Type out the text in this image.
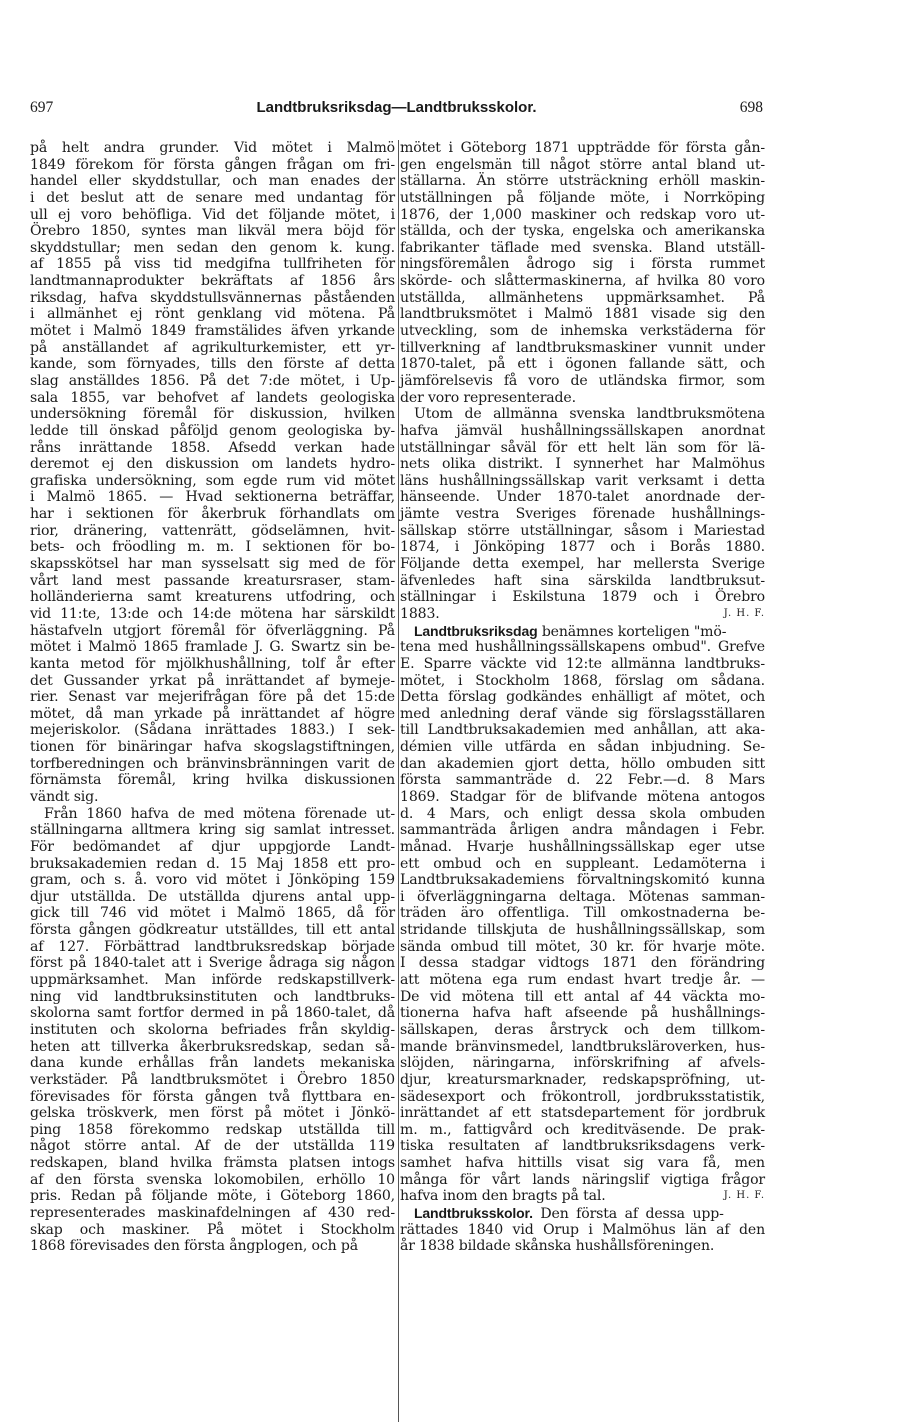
697	Landtbruksriksdag—Landtbruksskolor.	698
på helt andra grunder. Vid mötet i Malmö
1849 förekom för första gången frågan om fri-
handel eller skyddstullar, och man enades der
i det beslut att de senare med undantag för
ull ej voro behöfliga. Vid det följande mötet, i
Örebro 1850, syntes man likväl mera böjd för
skyddstullar; men sedan den genom k. kung.
af 1855 på viss tid medgifna tullfriheten för
landtmannaprodukter bekräftats af 1856 års
riksdag, hafva skyddstullsvännernas påståenden
i allmänhet ej rönt genklang vid mötena. På
mötet i Malmö 1849 framstälides äfven yrkande
på anställandet af agrikulturkemister, ett yr-
kande, som förnyades, tills den förste af detta
slag anställdes 1856. På det 7:de mötet, i Up-
sala 1855, var behofvet af landets geologiska
undersökning föremål för diskussion, hvilken
ledde till önskad påföljd genom geologiska by-
råns inrättande 1858. Afsedd verkan hade
deremot ej den diskussion om landets hydro-
grafiska undersökning, som egde rum vid mötet
i Malmö 1865. — Hvad sektionerna beträffar,
har i sektionen för åkerbruk förhandlats om
rior, dränering, vattenrätt, gödselämnen, hvit-
bets- och fröodling m. m. I sektionen för bo-
skapsskötsel har man sysselsatt sig med de för
vårt land mest passande kreatursraser, stam-
holländerierna samt kreaturens utfodring, och
vid 11:te, 13:de och 14:de mötena har särskildt
hästafveln utgjort föremål för öfverläggning. På
mötet i Malmö 1865 framlade J. G. Swartz sin be-
kanta metod för mjölkhushållning, tolf år efter
det Gussander yrkat på inrättandet af bymeje-
rier. Senast var mejerifrågan före på det 15:de
mötet, då man yrkade på inrättandet af högre
mejeriskolor. (Sådana inrättades 1883.) I sek-
tionen för binäringar hafva skogslagstiftningen,
torfberedningen och bränvinsbränningen varit de
förnämsta föremål, kring hvilka diskussionen
vändt sig.
Från 1860 hafva de med mötena förenade ut-
ställningarna alltmera kring sig samlat intresset.
För bedömandet af djur uppgjorde Landt-
bruksakademien redan d. 15 Maj 1858 ett pro-
gram, och s. å. voro vid mötet i Jönköping 159
djur utställda. De utställda djurens antal upp-
gick till 746 vid mötet i Malmö 1865, då för
första gången gödkreatur utställdes, till ett antal
af 127. Förbättrad landtbruksredskap började
först på 1840-talet att i Sverige ådraga sig någon
uppmärksamhet. Man införde redskapstillverk-
ning vid landtbruksinstituten och landtbruks-
skolorna samt fortfor dermed in på 1860-talet, då
instituten och skolorna befriades från skyldig-
heten att tillverka åkerbruksredskap, sedan så-
dana kunde erhållas från landets mekaniska
verkstäder. På landtbruksmötet i Örebro 1850
förevisades för första gången två flyttbara en-
gelska tröskverk, men först på mötet i Jönkö-
ping 1858 förekommo redskap utställda till
något större antal. Af de der utställda 119
redskapen, bland hvilka främsta platsen intogs
af den första svenska lokomobilen, erhöllo 10
pris. Redan på följande möte, i Göteborg 1860,
representerades maskinafdelningen af 430 red-
skap och maskiner. På mötet i Stockholm
1868 förevisades den första ångplogen, och på
mötet i Göteborg 1871 uppträdde för första gån-
gen engelsmän till något större antal bland ut-
ställarna. Än större utsträckning erhöll maskin-
utställningen på följande möte, i Norrköping
1876, der 1,000 maskiner och redskap voro ut-
ställda, och der tyska, engelska och amerikanska
fabrikanter täflade med svenska. Bland utställ-
ningsföremålen ådrogo sig i första rummet
skörde- och slåttermaskinerna, af hvilka 80 voro
utställda, allmänhetens uppmärksamhet. På
landtbruksmötet i Malmö 1881 visade sig den
utveckling, som de inhemska verkstäderna för
tillverkning af landtbruksmaskiner vunnit under
1870-talet, på ett i ögonen fallande sätt, och
jämförelsevis få voro de utländska firmor, som
der voro representerade.
Utom de allmänna svenska landtbruksmötena
hafva jämväl hushållningssällskapen anordnat
utställningar såväl för ett helt län som för lä-
nets olika distrikt. I synnerhet har Malmöhus
läns hushållningssällskap varit verksamt i detta
hänseende. Under 1870-talet anordnade der-
jämte vestra Sveriges förenade hushållnings-
sällskap större utställningar, såsom i Mariestad
1874, i Jönköping 1877 och i Borås 1880.
Följande detta exempel, har mellersta Sverige
äfvenledes haft sina särskilda landtbruksut-
ställningar i Eskilstuna 1879 och i Örebro
1883.	J. H. F.
Landtbruksriksdag benämnes korteligen "mö-
tena med hushållningssällskapens ombud". Grefve
E. Sparre väckte vid 12:te allmänna landtbruks-
mötet, i Stockholm 1868, förslag om sådana.
Detta förslag godkändes enhälligt af mötet, och
med anledning deraf vände sig förslagsställaren
till Landtbruksakademien med anhållan, att aka-
démien ville utfärda en sådan inbjudning. Se-
dan akademien gjort detta, höllo ombuden sitt
första sammanträde d. 22 Febr.—d. 8 Mars
1869. Stadgar för de blifvande mötena antogos
d. 4 Mars, och enligt dessa skola ombuden
sammanträda årligen andra måndagen i Febr.
månad. Hvarje hushållningssällskap eger utse
ett ombud och en suppleant. Ledamöterna i
Landtbruksakademiens förvaltningskomitó kunna
i öfverläggningarna deltaga. Mötenas samman-
träden äro offentliga. Till omkostnaderna be-
stridande tillskjuta de hushållningssällskap, som
sända ombud till mötet, 30 kr. för hvarje möte.
I dessa stadgar vidtogs 1871 den förändring
att mötena ega rum endast hvart tredje år. —
De vid mötena till ett antal af 44 väckta mo-
tionerna hafva haft afseende på hushållnings-
sällskapen, deras årstryck och dem tillkom-
mande bränvinsmedel, landtbruksläroverken, hus-
slöjden, näringarna, införskrifning af afvels-
djur, kreatursmarknader, redskapspröfning, ut-
sädesexport och frökontroll, jordbruksstatistik,
inrättandet af ett statsdepartement för jordbruk
m. m., fattigvård och kreditväsende. De prak-
tiska resultaten af landtbruksriksdagens verk-
samhet hafva hittills visat sig vara få, men
många för vårt lands näringslif vigtiga frågor
hafva inom den bragts på tal.	J. H. F.
Landtbruksskolor. Den första af dessa upp-
rättades 1840 vid Orup i Malmöhus län af den
år 1838 bildade skånska hushållsföreningen.
